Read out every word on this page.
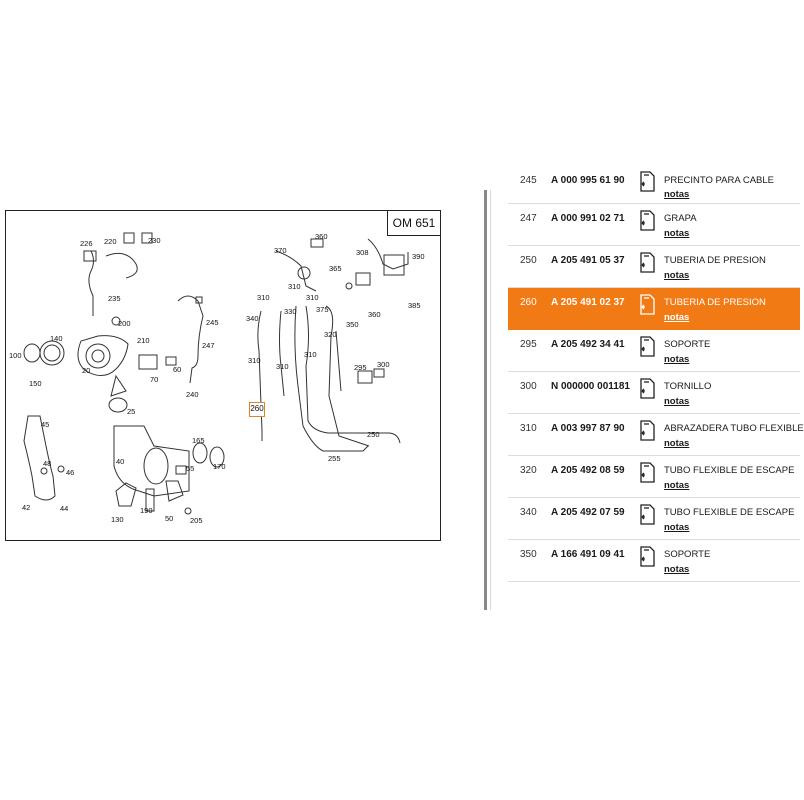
226 220	230
235
200
210
245
247
240
140
100
150
20
70
60
25
45
48
46
42	44
40
165
55 170
130
190
50 205
370
360
390
308
365
310
310
310
330	375
350
340
385
360
320
310
310
310
295 300
255
250
OM 651
260
245 A 000 995 61 90	PRECINTO PARA CABLE
notas
247 A 000 991 02 71	GRAPA
notas
250 A 205 491 05 37	TUBERIA DE PRESION
notas
260 A 205 491 02 37	TUBERIA DE PRESION
notas
295 A 205 492 34 41	SOPORTE
notas
300 N 000000 001181	TORNILLO
notas
310 A 003 997 87 90	ABRAZADERA TUBO FLEXIBLE
notas
320 A 205 492 08 59	TUBO FLEXIBLE DE ESCAPE
notas
340 A 205 492 07 59	TUBO FLEXIBLE DE ESCAPE
notas
350 A 166 491 09 41	SOPORTE
notas
